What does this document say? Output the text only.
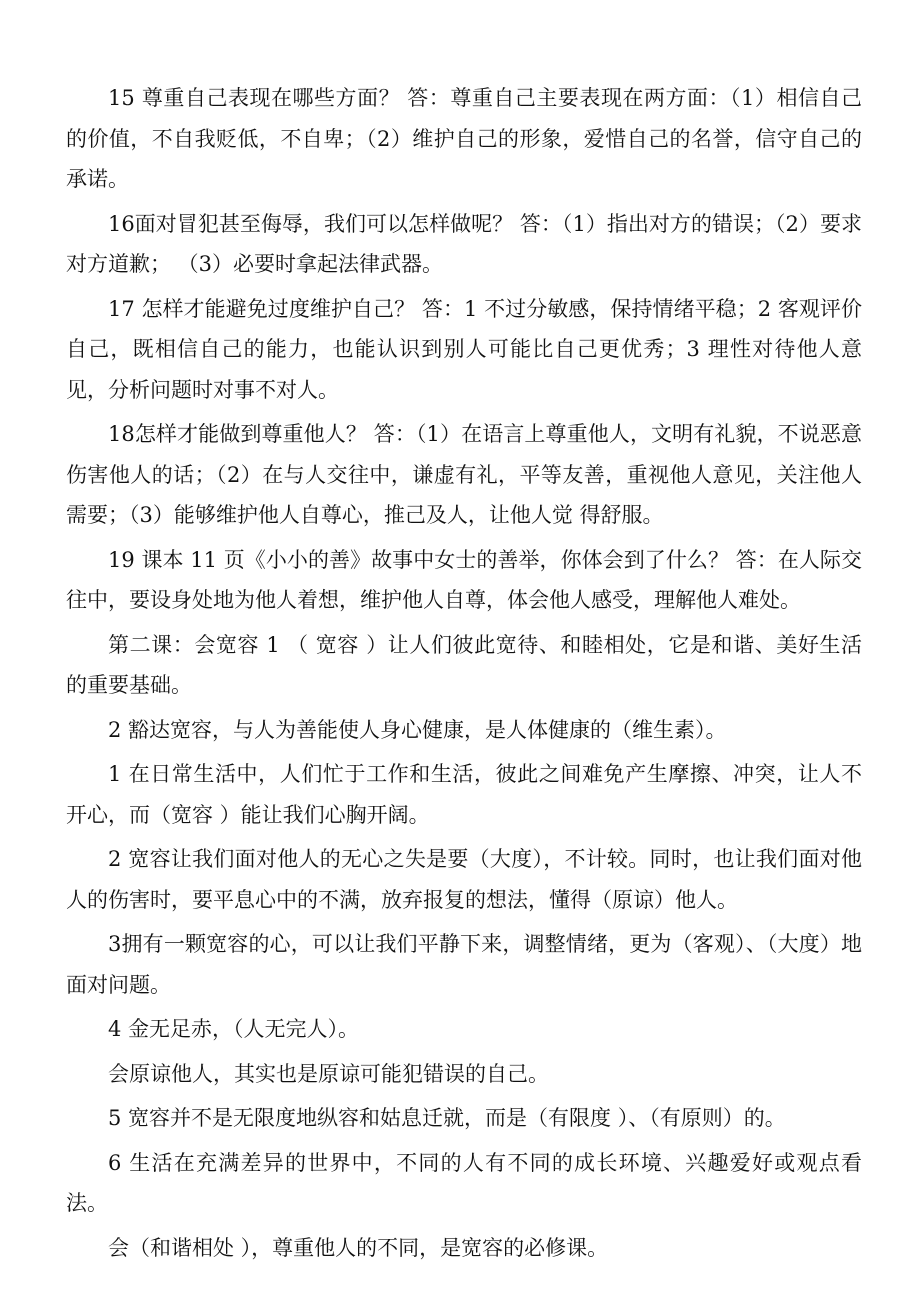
15 尊重自己表现在哪些方面？ 答：尊重自己主要表现在两方面：（1）相信自己的价值，不自我贬低，不自卑；（2）维护自己的形象，爱惜自己的名誉，信守自己的承诺。

16面对冒犯甚至侮辱，我们可以怎样做呢？ 答：（1）指出对方的错误；（2）要求对方道歉； （3）必要时拿起法律武器。

17 怎样才能避免过度维护自己？ 答：1 不过分敏感，保持情绪平稳；2 客观评价自己，既相信自己的能力，也能认识到别人可能比自己更优秀；3 理性对待他人意见，分析问题时对事不对人。

18怎样才能做到尊重他人？ 答：（1）在语言上尊重他人，文明有礼貌，不说恶意伤害他人的话；（2）在与人交往中，谦虚有礼，平等友善，重视他人意见，关注他人需要；（3）能够维护他人自尊心，推己及人，让他人觉 得舒服。

19 课本 11 页《小小的善》故事中女士的善举，你体会到了什么？ 答：在人际交往中，要设身处地为他人着想，维护他人自尊，体会他人感受，理解他人难处。

第二课：会宽容 1 （ 宽容 ）让人们彼此宽待、和睦相处，它是和谐、美好生活的重要基础。

2 豁达宽容，与人为善能使人身心健康，是人体健康的（维生素）。

1 在日常生活中，人们忙于工作和生活，彼此之间难免产生摩擦、冲突，让人不开心，而（宽容 ）能让我们心胸开阔。

2 宽容让我们面对他人的无心之失是要（大度），不计较。同时，也让我们面对他人的伤害时，要平息心中的不满，放弃报复的想法，懂得（原谅）他人。

3拥有一颗宽容的心，可以让我们平静下来，调整情绪，更为（客观）、（大度）地面对问题。

4 金无足赤，（人无完人）。

会原谅他人，其实也是原谅可能犯错误的自己。

5 宽容并不是无限度地纵容和姑息迁就，而是（有限度 ）、（有原则）的。

6 生活在充满差异的世界中，不同的人有不同的成长环境、兴趣爱好或观点看法。

会（和谐相处 ），尊重他人的不同，是宽容的必修课。
